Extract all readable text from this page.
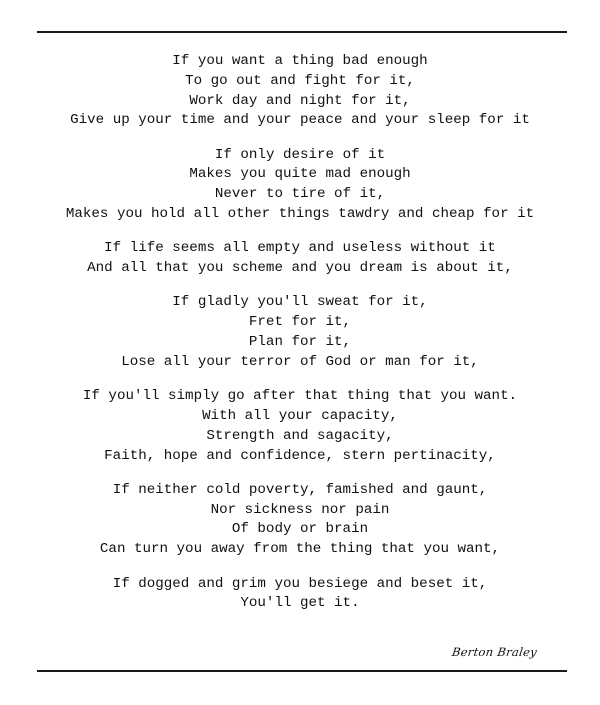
If you want a thing bad enough
To go out and fight for it,
Work day and night for it,
Give up your time and your peace and your sleep for it
If only desire of it
Makes you quite mad enough
Never to tire of it,
Makes you hold all other things tawdry and cheap for it
If life seems all empty and useless without it
And all that you scheme and you dream is about it,
If gladly you'll sweat for it,
Fret for it,
Plan for it,
Lose all your terror of God or man for it,
If you'll simply go after that thing that you want.
With all your capacity,
Strength and sagacity,
Faith, hope and confidence, stern pertinacity,
If neither cold poverty, famished and gaunt,
Nor sickness nor pain
Of body or brain
Can turn you away from the thing that you want,
If dogged and grim you besiege and beset it,
You'll get it.
Berton Braley
